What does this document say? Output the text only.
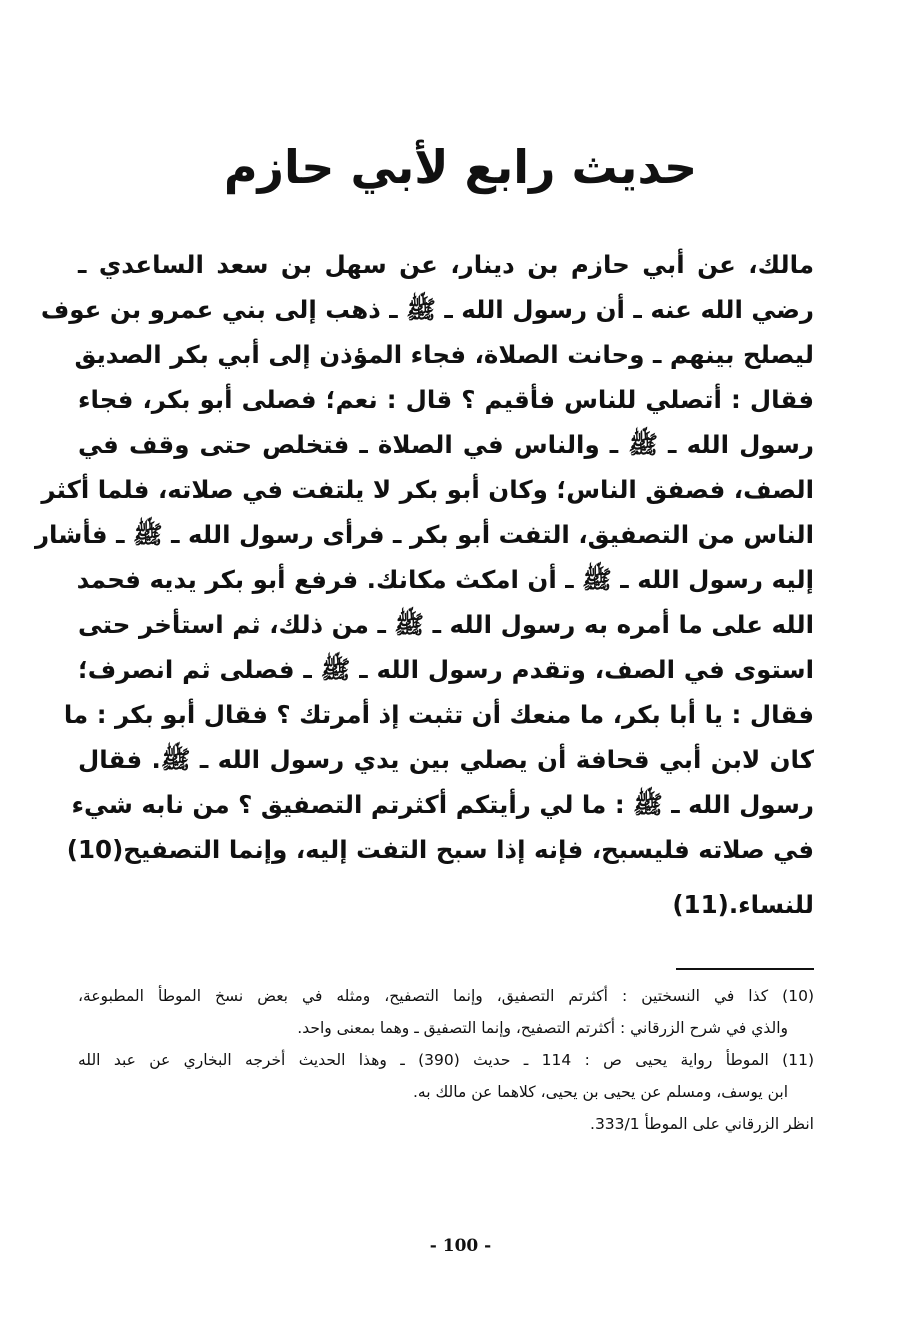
حديث رابع لأبي حازم
مالك، عن أبي حازم بن دينار، عن سهل بن سعد الساعدي ـ
رضي الله عنه ـ أن رسول الله ـ ﷺ ـ ذهب إلى بني عمرو بن عوف
ليصلح بينهم ـ وحانت الصلاة، فجاء المؤذن إلى أبي بكر الصديق
فقال : أتصلي للناس فأقيم ؟ قال : نعم؛ فصلى أبو بكر، فجاء
رسول الله ـ ﷺ ـ والناس في الصلاة ـ فتخلص حتى وقف في
الصف، فصفق الناس؛ وكان أبو بكر لا يلتفت في صلاته، فلما أكثر
الناس من التصفيق، التفت أبو بكر ـ فرأى رسول الله ـ ﷺ ـ فأشار
إليه رسول الله ـ ﷺ ـ أن امكث مكانك. فرفع أبو بكر يديه فحمد
الله على ما أمره به رسول الله ـ ﷺ ـ من ذلك، ثم استأخر حتى
استوى في الصف، وتقدم رسول الله ـ ﷺ ـ فصلى ثم انصرف؛
فقال : يا أبا بكر، ما منعك أن تثبت إذ أمرتك ؟ فقال أبو بكر : ما
كان لابن أبي قحافة أن يصلي بين يدي رسول الله ـ ﷺ. فقال
رسول الله ـ ﷺ : ما لي رأيتكم أكثرتم التصفيق ؟ من نابه شيء
في صلاته فليسبح، فإنه إذا سبح التفت إليه، وإنما التصفيح(10)
للنساء.(11)
(10) كذا في النسختين : أكثرتم التصفيق، وإنما التصفيح، ومثله في بعض نسخ الموطأ المطبوعة،
والذي في شرح الزرقاني : أكثرتم التصفيح، وإنما التصفيق ـ وهما بمعنى واحد.
(11) الموطأ رواية يحيى ص : 114 ـ حديث (390) ـ وهذا الحديث أخرجه البخاري عن عبد الله
ابن يوسف، ومسلم عن يحيى بن يحيى، كلاهما عن مالك به.
انظر الزرقاني على الموطأ 333/1.
- 100 -
